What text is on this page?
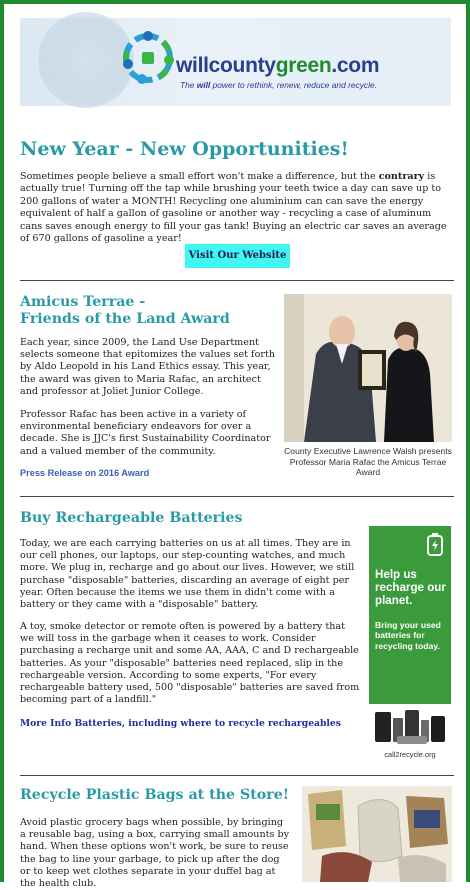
willcountygreen.com
The will power to rethink, renew, reduce and recycle.
New Year - New Opportunities!

Sometimes people believe a small effort won't make a difference, but the contrary is actually true! Turning off the tap while brushing your teeth twice a day can save up to 200 gallons of water a MONTH! Recycling one aluminium can can save the energy equivalent of half a gallon of gasoline or another way - recycling a case of aluminum cans saves enough energy to fill your gas tank! Buying an electric car saves an average of 670 gallons of gasoline a year!

Visit Our Website
Amicus Terrae -
Friends of the Land Award

Each year, since 2009, the Land Use Department selects someone that epitomizes the values set forth by Aldo Leopold in his Land Ethics essay. This year, the award was given to Maria Rafac, an architect and professor at Joliet Junior College.

Professor Rafac has been active in a variety of environmental beneficiary endeavors for over a decade. She is JJC's first Sustainability Coordinator and a valued member of the community.

Press Release on 2016 Award
County Executive Lawrence Walsh presents Professor Maria Rafac the Amicus Terrae Award
Buy Rechargeable Batteries

Today, we are each carrying batteries on us at all times. They are in our cell phones, our laptops, our step-counting watches, and much more. We plug in, recharge and go about our lives. However, we still purchase "disposable" batteries, discarding an average of eight per year. Often because the items we use them in didn't come with a battery or they came with a "disposable" battery.

A toy, smoke detector or remote often is powered by a battery that we will toss in the garbage when it ceases to work. Consider purchasing a recharge unit and some AA, AAA, C and D rechargeable batteries. As your "disposable" batteries need replaced, slip in the rechargeable version. According to some experts, "For every rechargeable battery used, 500 "disposable" batteries are saved from becoming part of a landfill."

More Info Batteries, including where to recycle rechargeables
Help us recharge our planet.
Bring your used batteries for recycling today.
call2recycle.org
Recycle Plastic Bags at the Store!

Avoid plastic grocery bags when possible, by bringing a reusable bag, using a box, carrying small amounts by hand. When these options won't work, be sure to reuse the bag to line your garbage, to pick up after the dog or to keep wet clothes separate in your duffel bag at the health club.
